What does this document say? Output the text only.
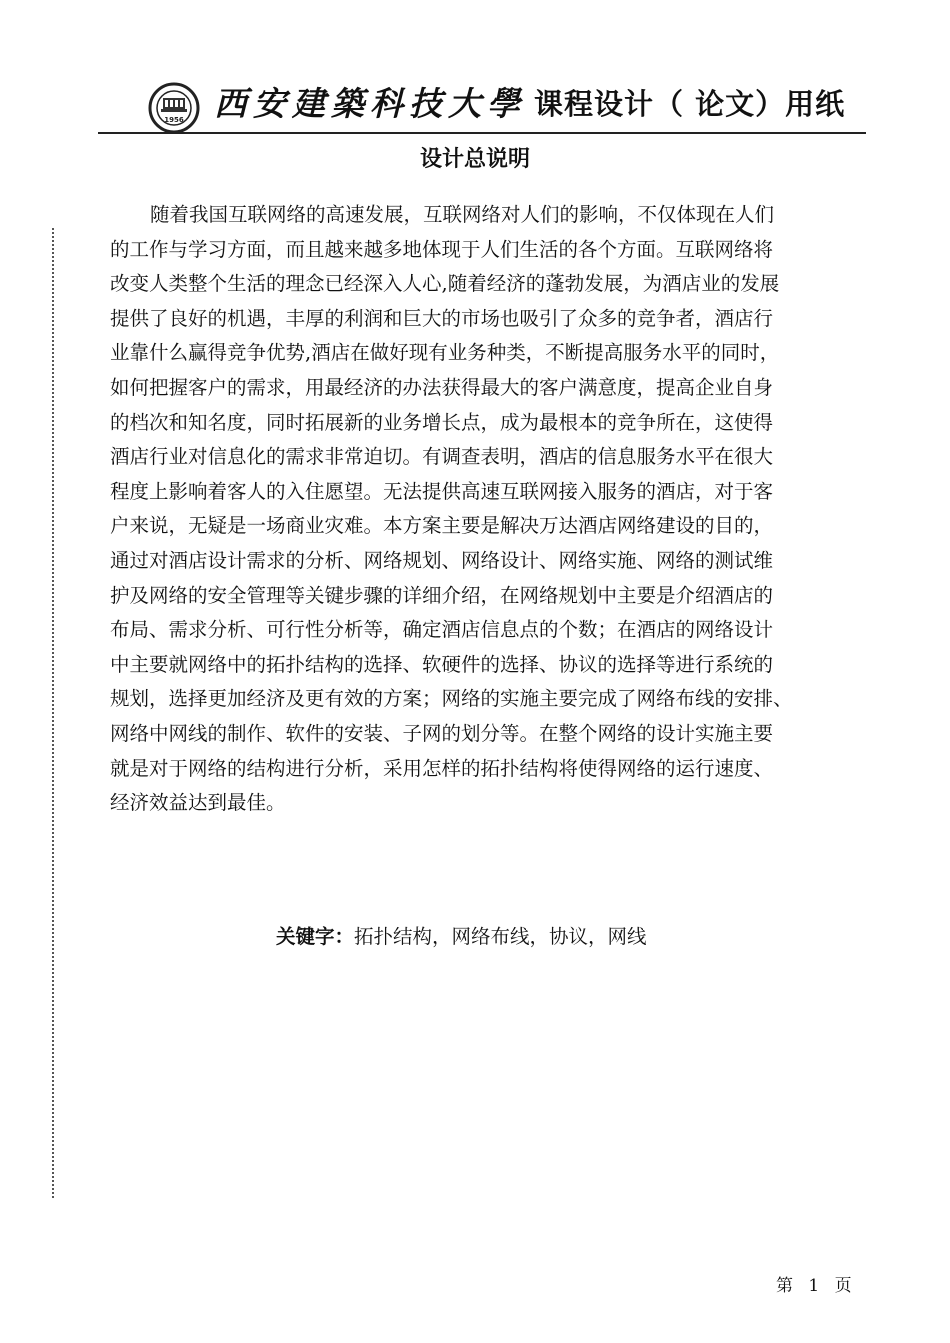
1956 西安建築科技大學 课程设计（ 论文）用纸
设计总说明
随着我国互联网络的高速发展，互联网络对人们的影响，不仅体现在人们
的工作与学习方面，而且越来越多地体现于人们生活的各个方面。互联网络将
改变人类整个生活的理念已经深入人心,随着经济的蓬勃发展，为酒店业的发展
提供了良好的机遇，丰厚的利润和巨大的市场也吸引了众多的竞争者，酒店行
业靠什么赢得竞争优势,酒店在做好现有业务种类，不断提高服务水平的同时，
如何把握客户的需求，用最经济的办法获得最大的客户满意度，提高企业自身
的档次和知名度，同时拓展新的业务增长点，成为最根本的竞争所在，这使得
酒店行业对信息化的需求非常迫切。有调查表明，酒店的信息服务水平在很大
程度上影响着客人的入住愿望。无法提供高速互联网接入服务的酒店，对于客
户来说，无疑是一场商业灾难。本方案主要是解决万达酒店网络建设的目的，
通过对酒店设计需求的分析、网络规划、网络设计、网络实施、网络的测试维
护及网络的安全管理等关键步骤的详细介绍，在网络规划中主要是介绍酒店的
布局、需求分析、可行性分析等，确定酒店信息点的个数；在酒店的网络设计
中主要就网络中的拓扑结构的选择、软硬件的选择、协议的选择等进行系统的
规划，选择更加经济及更有效的方案；网络的实施主要完成了网络布线的安排、
网络中网线的制作、软件的安装、子网的划分等。在整个网络的设计实施主要
就是对于网络的结构进行分析，采用怎样的拓扑结构将使得网络的运行速度、
经济效益达到最佳。
关键字：拓扑结构，网络布线，协议，网线
第 1 页
